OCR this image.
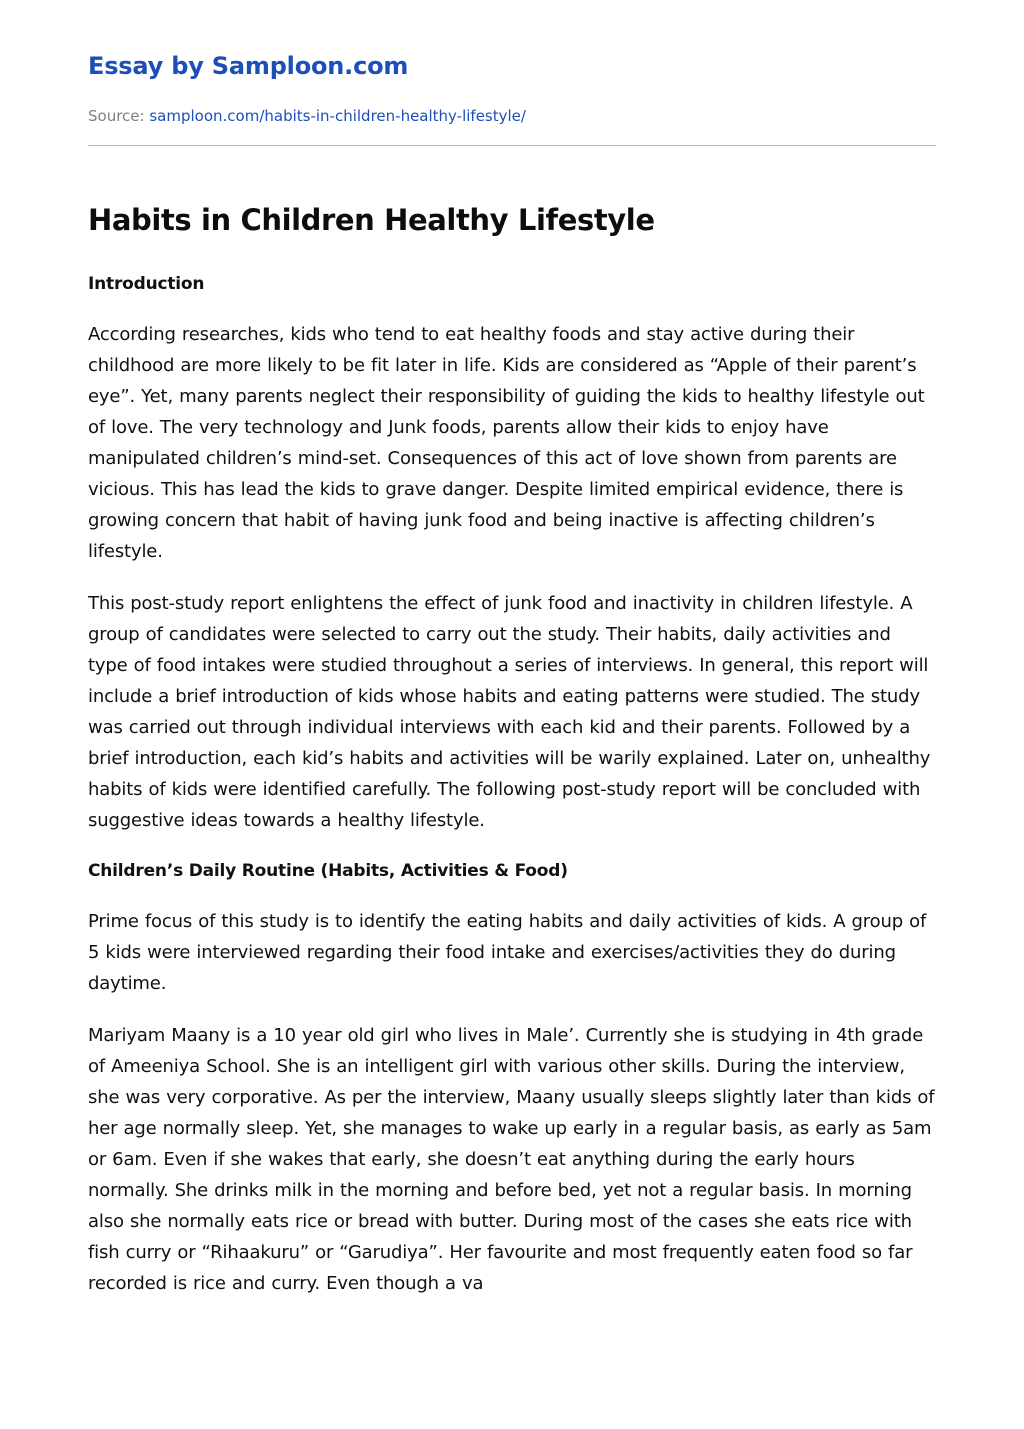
Essay by Samploon.com
Source: samploon.com/habits-in-children-healthy-lifestyle/
Habits in Children Healthy Lifestyle
Introduction

According researches, kids who tend to eat healthy foods and stay active during their childhood are more likely to be fit later in life. Kids are considered as “Apple of their parent’s eye”. Yet, many parents neglect their responsibility of guiding the kids to healthy lifestyle out of love. The very technology and Junk foods, parents allow their kids to enjoy have manipulated children’s mind-set. Consequences of this act of love shown from parents are vicious. This has lead the kids to grave danger. Despite limited empirical evidence, there is growing concern that habit of having junk food and being inactive is affecting children’s lifestyle.

This post-study report enlightens the effect of junk food and inactivity in children lifestyle. A group of candidates were selected to carry out the study. Their habits, daily activities and type of food intakes were studied throughout a series of interviews. In general, this report will include a brief introduction of kids whose habits and eating patterns were studied. The study was carried out through individual interviews with each kid and their parents. Followed by a brief introduction, each kid’s habits and activities will be warily explained. Later on, unhealthy habits of kids were identified carefully. The following post-study report will be concluded with suggestive ideas towards a healthy lifestyle.

Children’s Daily Routine (Habits, Activities & Food)

Prime focus of this study is to identify the eating habits and daily activities of kids. A group of 5 kids were interviewed regarding their food intake and exercises/activities they do during daytime.

Mariyam Maany is a 10 year old girl who lives in Male’. Currently she is studying in 4th grade of Ameeniya School. She is an intelligent girl with various other skills. During the interview, she was very corporative. As per the interview, Maany usually sleeps slightly later than kids of her age normally sleep. Yet, she manages to wake up early in a regular basis, as early as 5am or 6am. Even if she wakes that early, she doesn’t eat anything during the early hours normally. She drinks milk in the morning and before bed, yet not a regular basis. In morning also she normally eats rice or bread with butter. During most of the cases she eats rice with fish curry or “Rihaakuru” or “Garudiya”. Her favourite and most frequently eaten food so far recorded is rice and curry. Even though a va
